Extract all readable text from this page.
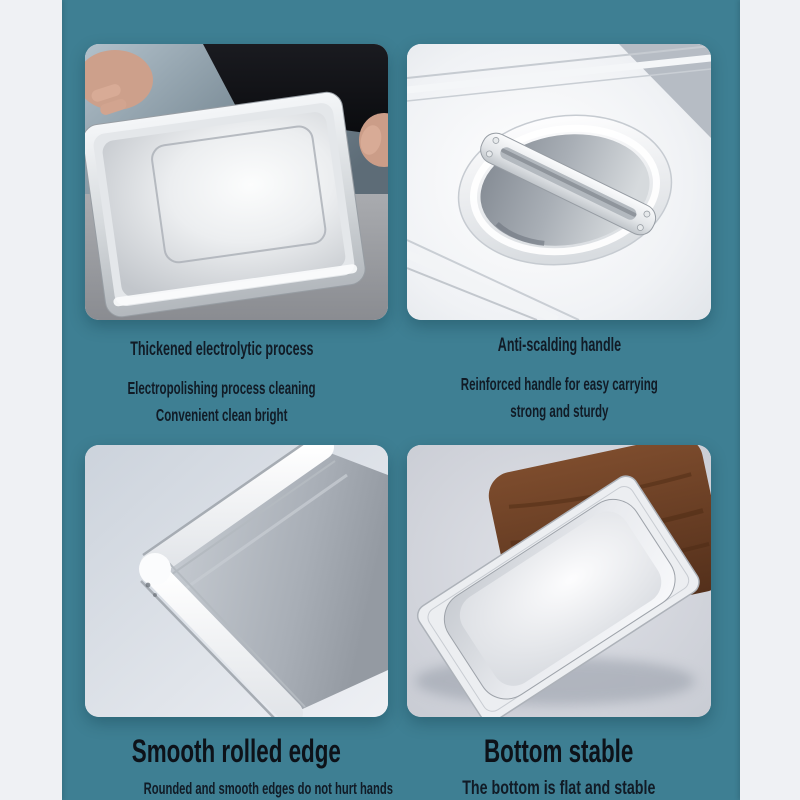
Thickened electrolytic process

Electropolishing process cleaning

Convenient clean bright

Anti-scalding handle

Reinforced handle for easy carrying

strong and sturdy

Smooth rolled edge

Rounded and smooth edges do not hurt hands

Bottom stable

The bottom is flat and stable
